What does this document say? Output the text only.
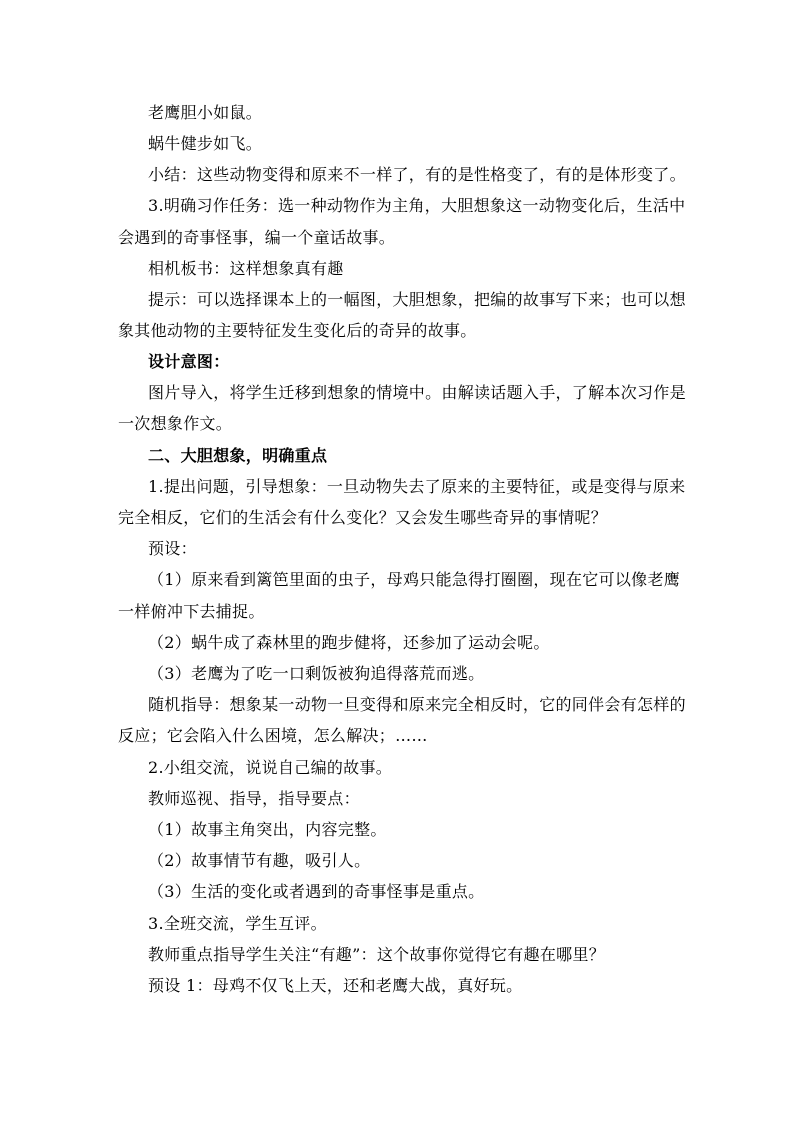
老鹰胆小如鼠。
蜗牛健步如飞。
小结：这些动物变得和原来不一样了，有的是性格变了，有的是体形变了。
3.明确习作任务：选一种动物作为主角，大胆想象这一动物变化后，生活中
会遇到的奇事怪事，编一个童话故事。
相机板书：这样想象真有趣
提示：可以选择课本上的一幅图，大胆想象，把编的故事写下来；也可以想
象其他动物的主要特征发生变化后的奇异的故事。
设计意图：
图片导入，将学生迁移到想象的情境中。由解读话题入手，了解本次习作是
一次想象作文。
二、大胆想象，明确重点
1.提出问题，引导想象：一旦动物失去了原来的主要特征，或是变得与原来
完全相反，它们的生活会有什么变化？又会发生哪些奇异的事情呢？
预设：
（1）原来看到篱笆里面的虫子，母鸡只能急得打圈圈，现在它可以像老鹰
一样俯冲下去捕捉。
（2）蜗牛成了森林里的跑步健将，还参加了运动会呢。
（3）老鹰为了吃一口剩饭被狗追得落荒而逃。
随机指导：想象某一动物一旦变得和原来完全相反时，它的同伴会有怎样的
反应；它会陷入什么困境，怎么解决；……
2.小组交流，说说自己编的故事。
教师巡视、指导，指导要点：
（1）故事主角突出，内容完整。
（2）故事情节有趣，吸引人。
（3）生活的变化或者遇到的奇事怪事是重点。
3.全班交流，学生互评。
教师重点指导学生关注“有趣”：这个故事你觉得它有趣在哪里？
预设 1：母鸡不仅飞上天，还和老鹰大战，真好玩。
